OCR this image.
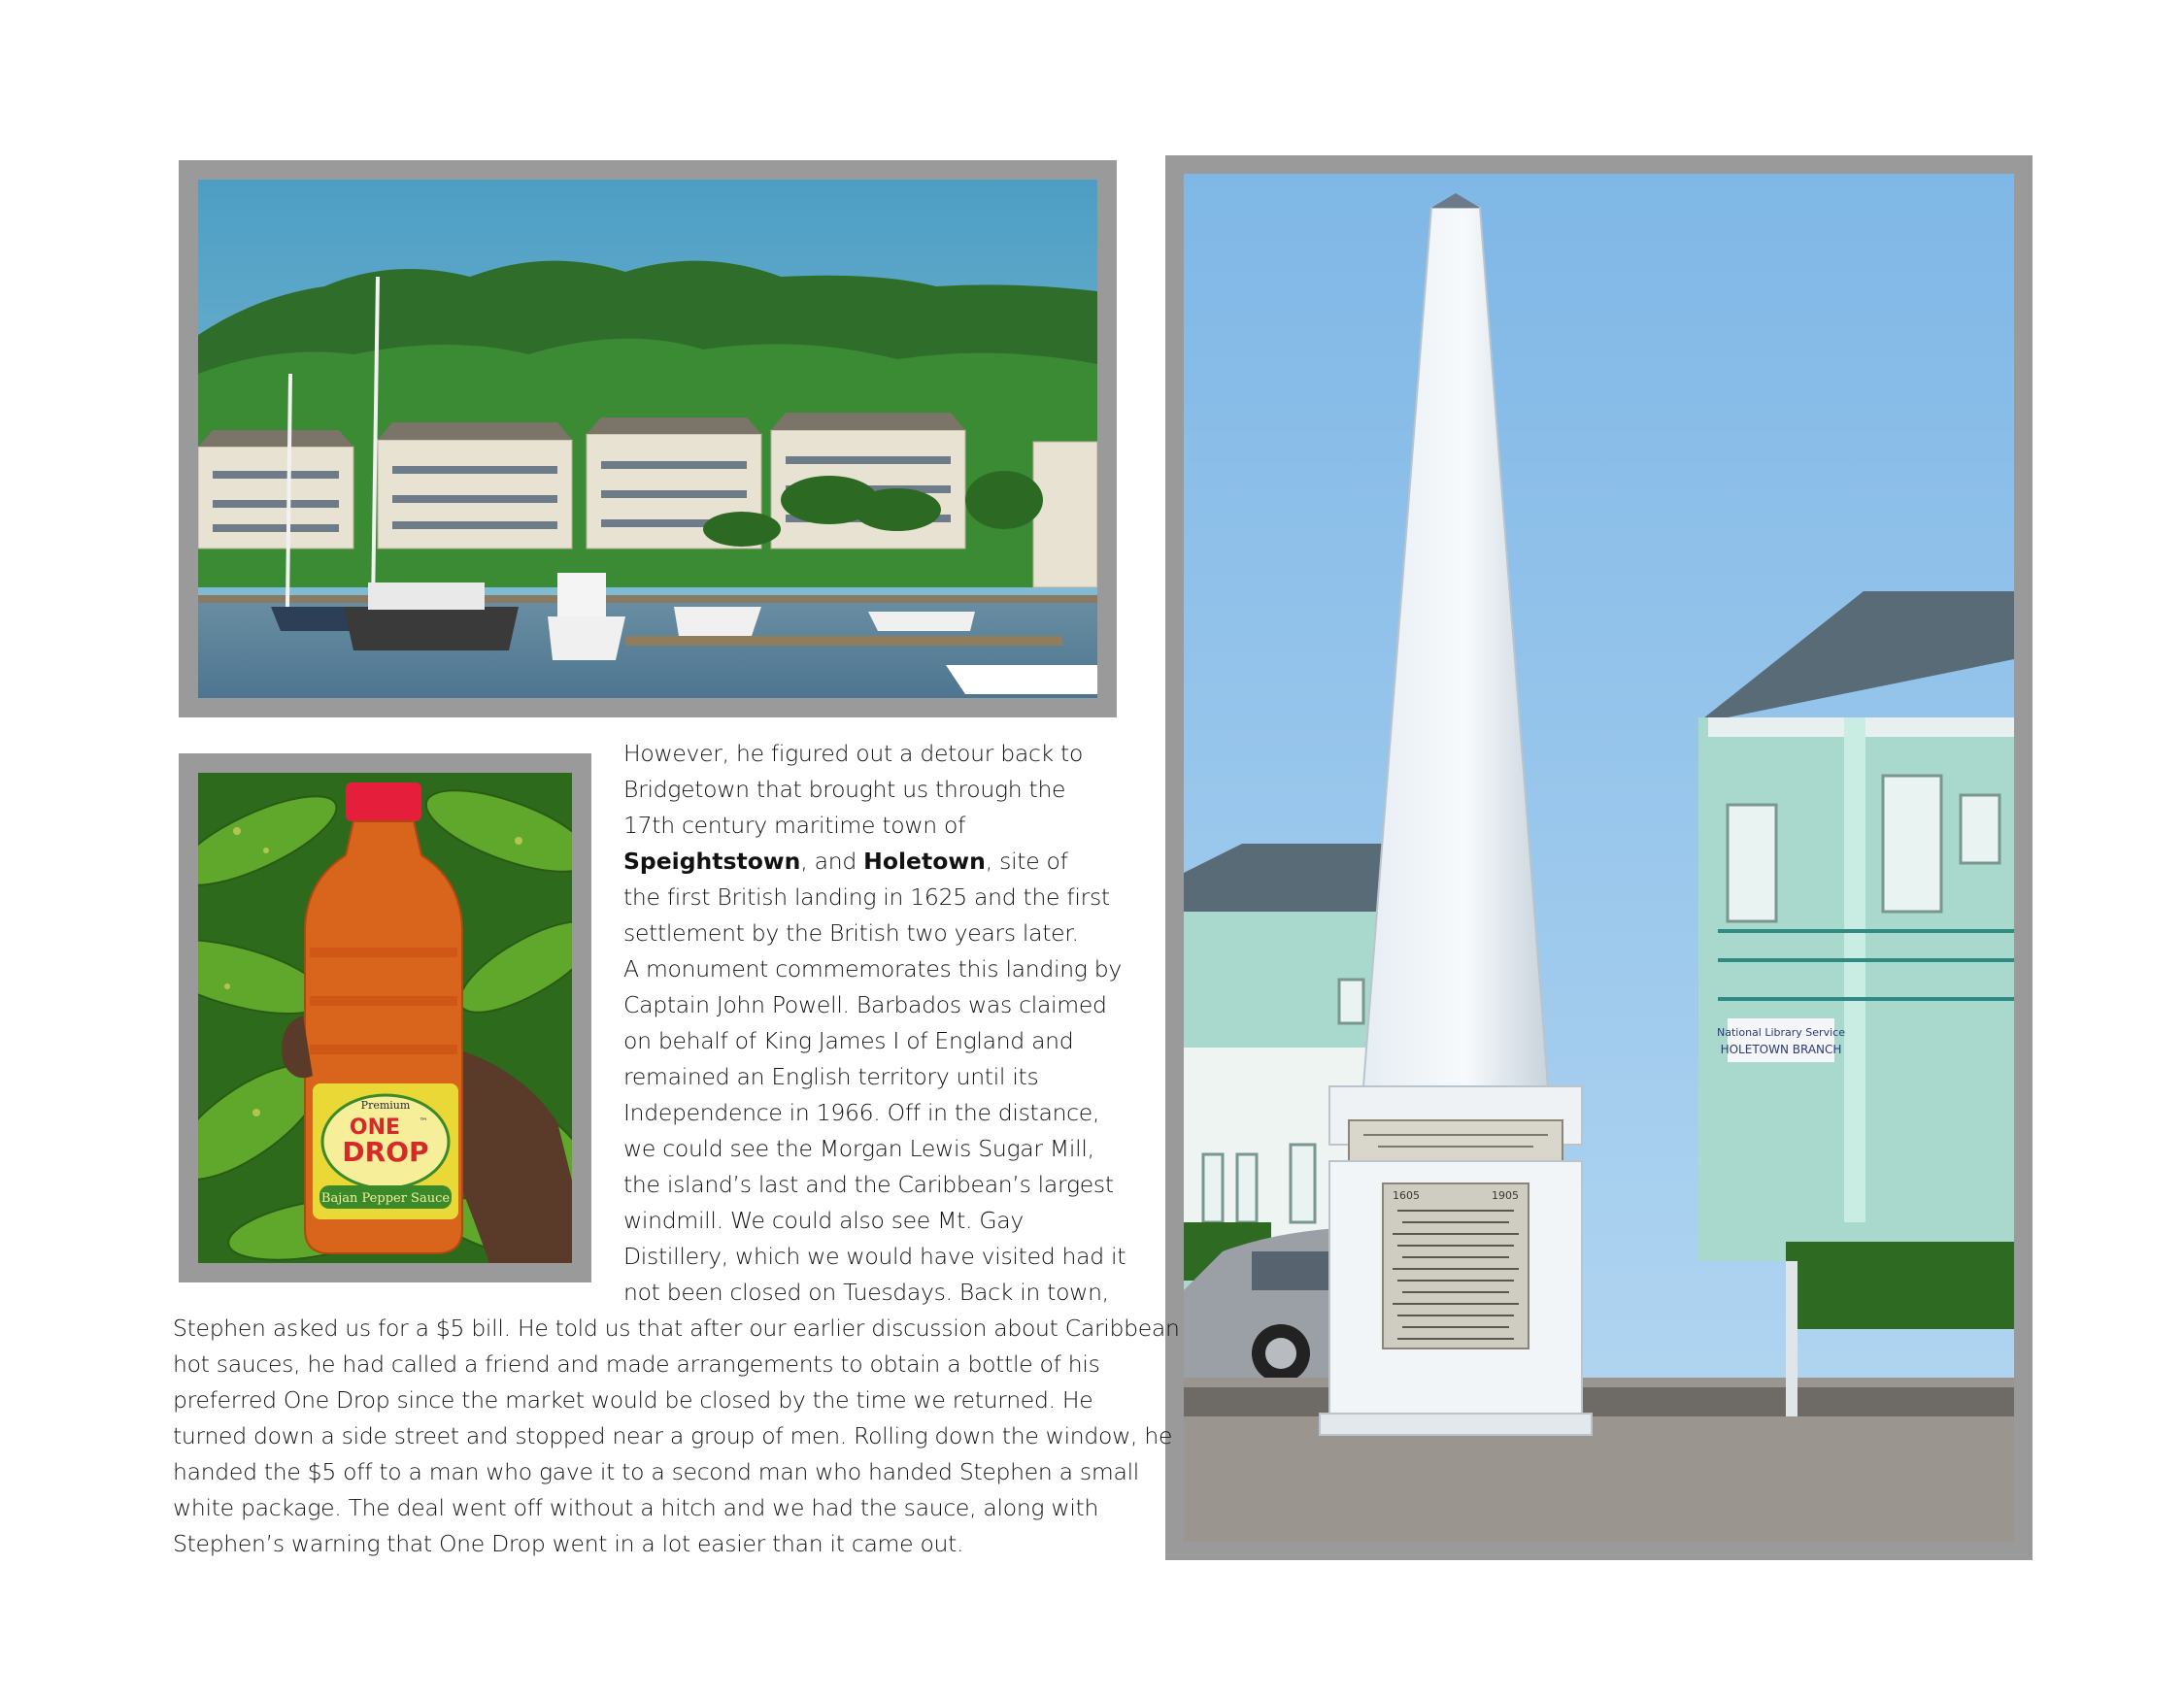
Premium
ONE ™
DROP
Bajan Pepper Sauce
National Library Service
HOLETOWN BRANCH
1605	1905
However, he figured out a detour back to
Bridgetown that brought us through the
17th century maritime town of
Speightstown, and Holetown, site of
the first British landing in 1625 and the first
settlement by the British two years later.
A monument commemorates this landing by
Captain John Powell. Barbados was claimed
on behalf of King James I of England and
remained an English territory until its
Independence in 1966. Off in the distance,
we could see the Morgan Lewis Sugar Mill,
the island’s last and the Caribbean’s largest
windmill. We could also see Mt. Gay
Distillery, which we would have visited had it
not been closed on Tuesdays. Back in town,
Stephen asked us for a $5 bill. He told us that after our earlier discussion about Caribbean
hot sauces, he had called a friend and made arrangements to obtain a bottle of his
preferred One Drop since the market would be closed by the time we returned. He
turned down a side street and stopped near a group of men. Rolling down the window, he
handed the $5 off to a man who gave it to a second man who handed Stephen a small
white package. The deal went off without a hitch and we had the sauce, along with
Stephen’s warning that One Drop went in a lot easier than it came out.
